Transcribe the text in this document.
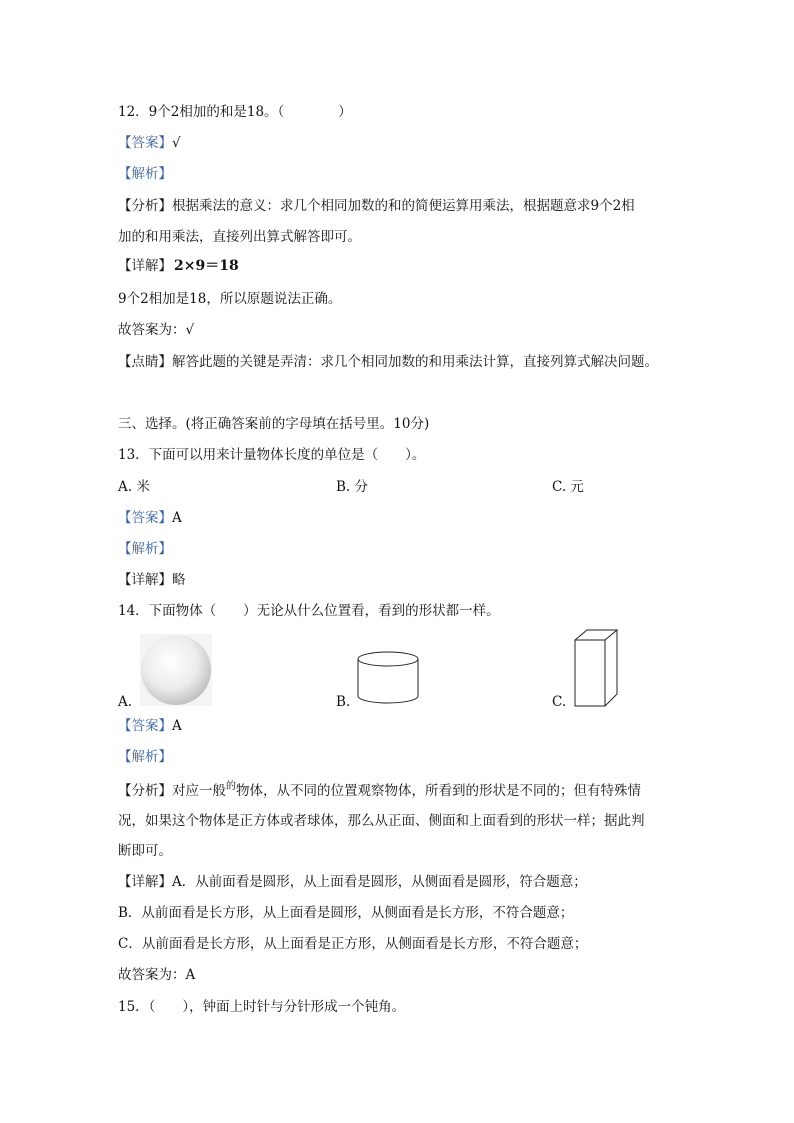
12．9个2相加的和是18。（　　　　）
【答案】√
【解析】
【分析】根据乘法的意义：求几个相同加数的和的简便运算用乘法，根据题意求9个2相
加的和用乘法，直接列出算式解答即可。
【详解】 2×9＝18
9个2相加是18，所以原题说法正确。
故答案为：√
【点睛】解答此题的关键是弄清：求几个相同加数的和用乘法计算，直接列算式解决问题。
三、选择。(将正确答案前的字母填在括号里。10分)
13．下面可以用来计量物体长度的单位是（　　）。
A. 米	B. 分	C. 元
【答案】A
【解析】
【详解】略
14．下面物体（　　）无论从什么位置看，看到的形状都一样。
A.	B.	C.
【答案】A
【解析】
【分析】对应一般$^的$物体，从不同的位置观察物体，所看到的形状是不同的；但有特殊情
况，如果这个物体是正方体或者球体，那么从正面、侧面和上面看到的形状一样；据此判
断即可。
【详解】A．从前面看是圆形，从上面看是圆形，从侧面看是圆形，符合题意；
B．从前面看是长方形，从上面看是圆形，从侧面看是长方形，不符合题意；
C．从前面看是长方形，从上面看是正方形，从侧面看是长方形，不符合题意；
故答案为：A
15．（　　），钟面上时针与分针形成一个钝角。
